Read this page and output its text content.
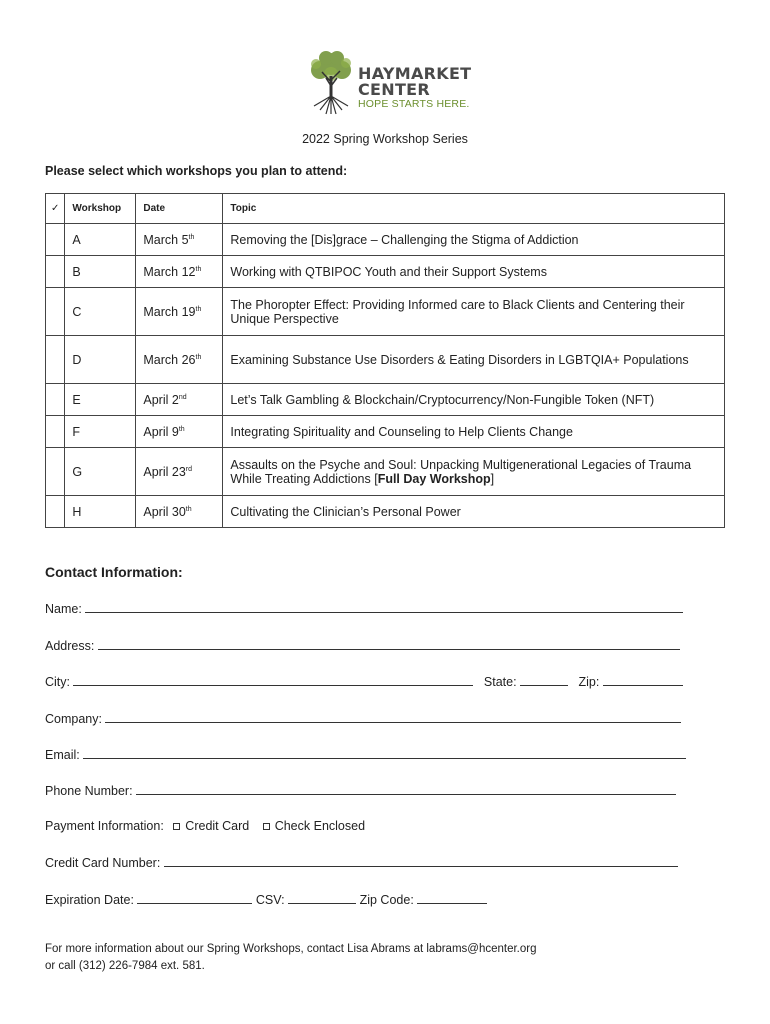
HAYMARKET
CENTER
HOPE STARTS HERE.
2022 Spring Workshop Series
Please select which workshops you plan to attend:
✓	Workshop	Date	Topic
	A	March 5th	Removing the [Dis]grace – Challenging the Stigma of Addiction
	B	March 12th	Working with QTBIPOC Youth and their Support Systems
	C	March 19th	The Phoropter Effect: Providing Informed care to Black Clients and Centering their Unique Perspective
	D	March 26th	Examining Substance Use Disorders & Eating Disorders in LGBTQIA+ Populations
	E	April 2nd	Let’s Talk Gambling & Blockchain/Cryptocurrency/Non-Fungible Token (NFT)
	F	April 9th	Integrating Spirituality and Counseling to Help Clients Change
	G	April 23rd	Assaults on the Psyche and Soul: Unpacking Multigenerational Legacies of Trauma While Treating Addictions [Full Day Workshop]
	H	April 30th	Cultivating the Clinician’s Personal Power
Contact Information:
Name:
Address:
City:	State:	Zip:
Company:
Email:
Phone Number:
Payment Information: Credit Card Check Enclosed
Credit Card Number:
Expiration Date:	CSV:	Zip Code:
For more information about our Spring Workshops, contact Lisa Abrams at labrams@hcenter.org
or call (312) 226-7984 ext. 581.
